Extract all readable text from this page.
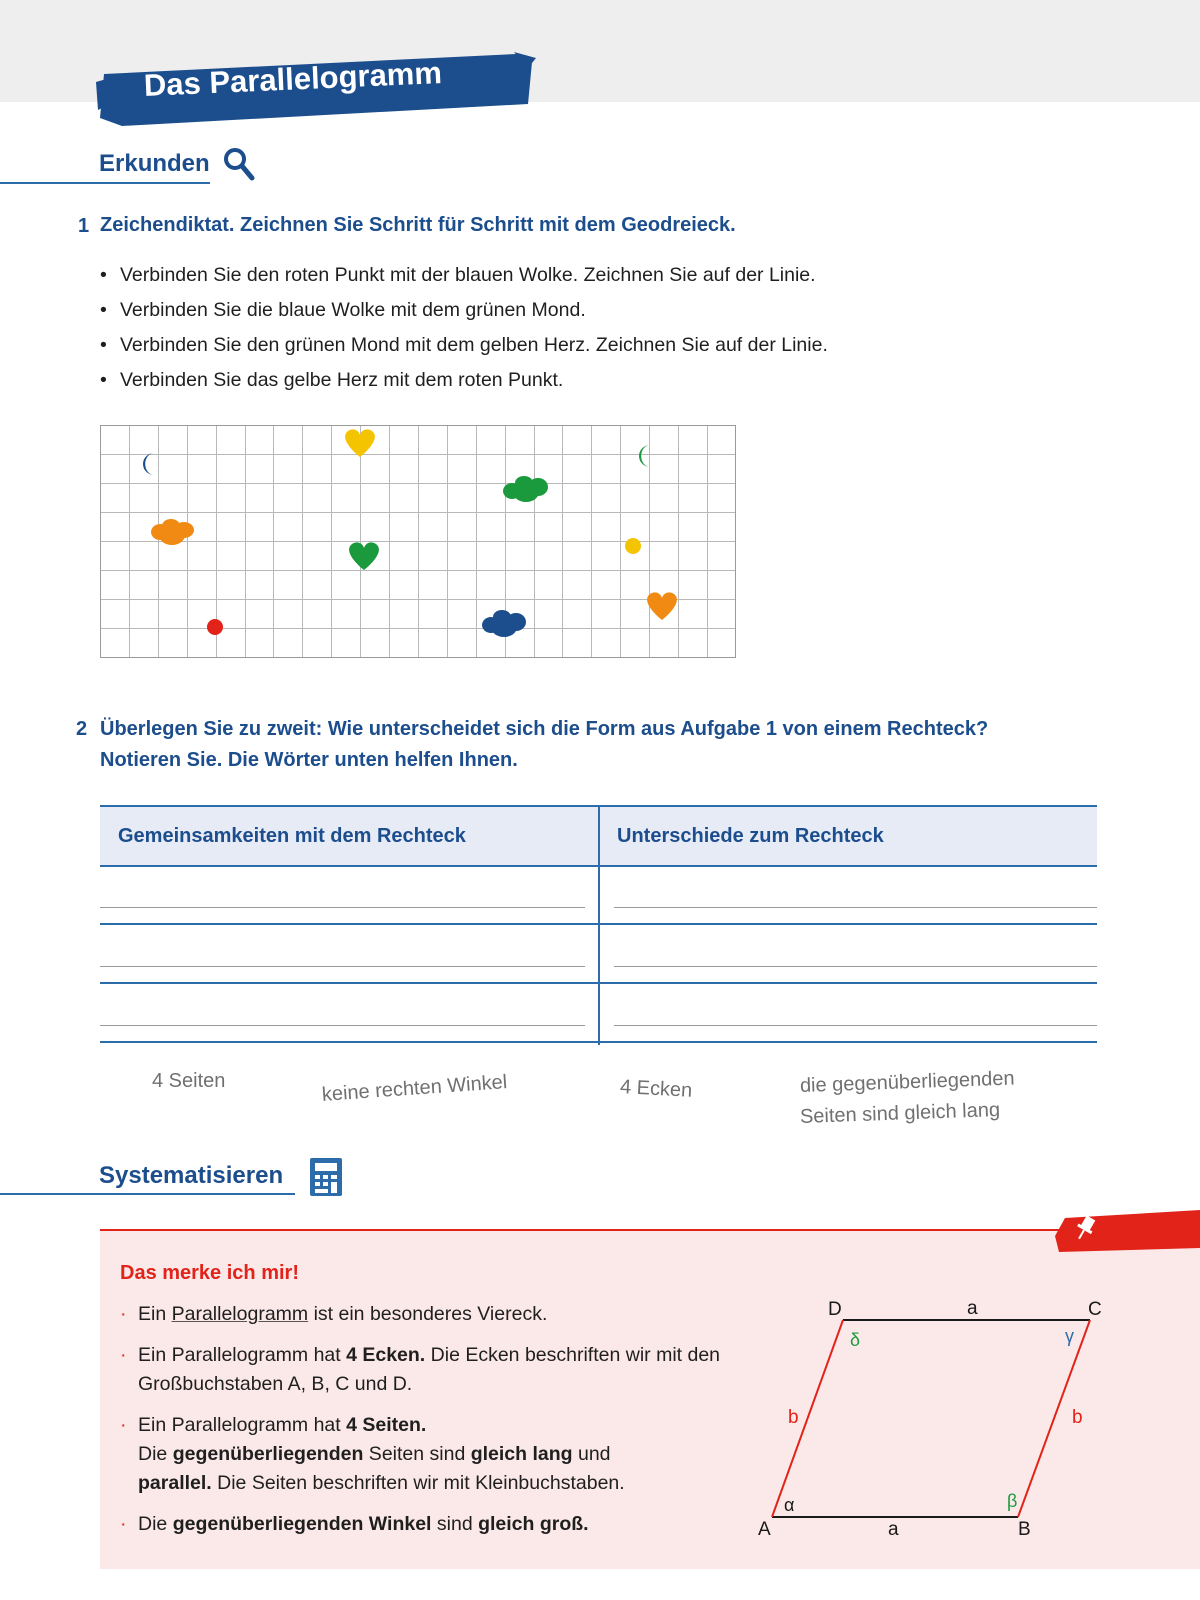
Das Parallelogramm
Erkunden
1 Zeichendiktat. Zeichnen Sie Schritt für Schritt mit dem Geodreieck.
• Verbinden Sie den roten Punkt mit der blauen Wolke. Zeichnen Sie auf der Linie.
• Verbinden Sie die blaue Wolke mit dem grünen Mond.
• Verbinden Sie den grünen Mond mit dem gelben Herz. Zeichnen Sie auf der Linie.
• Verbinden Sie das gelbe Herz mit dem roten Punkt.
2 Überlegen Sie zu zweit: Wie unterscheidet sich die Form aus Aufgabe 1 von einem Rechteck?
Notieren Sie. Die Wörter unten helfen Ihnen.
Gemeinsamkeiten mit dem Rechteck	Unterschiede zum Rechteck
4 Seiten	keine rechten Winkel	4 Ecken	die gegenüberliegenden
Seiten sind gleich lang
Systematisieren
Das merke ich mir!
· Ein Parallelogramm ist ein besonderes Viereck.
· Ein Parallelogramm hat 4 Ecken. Die Ecken beschriften wir mit den Großbuchstaben A, B, C und D.
· Ein Parallelogramm hat 4 Seiten.
Die gegenüberliegenden Seiten sind gleich lang und
parallel. Die Seiten beschriften wir mit Kleinbuchstaben.
· Die gegenüberliegenden Winkel sind gleich groß.
D	C
A	B
a
a
b	b
α	β
γ
δ
